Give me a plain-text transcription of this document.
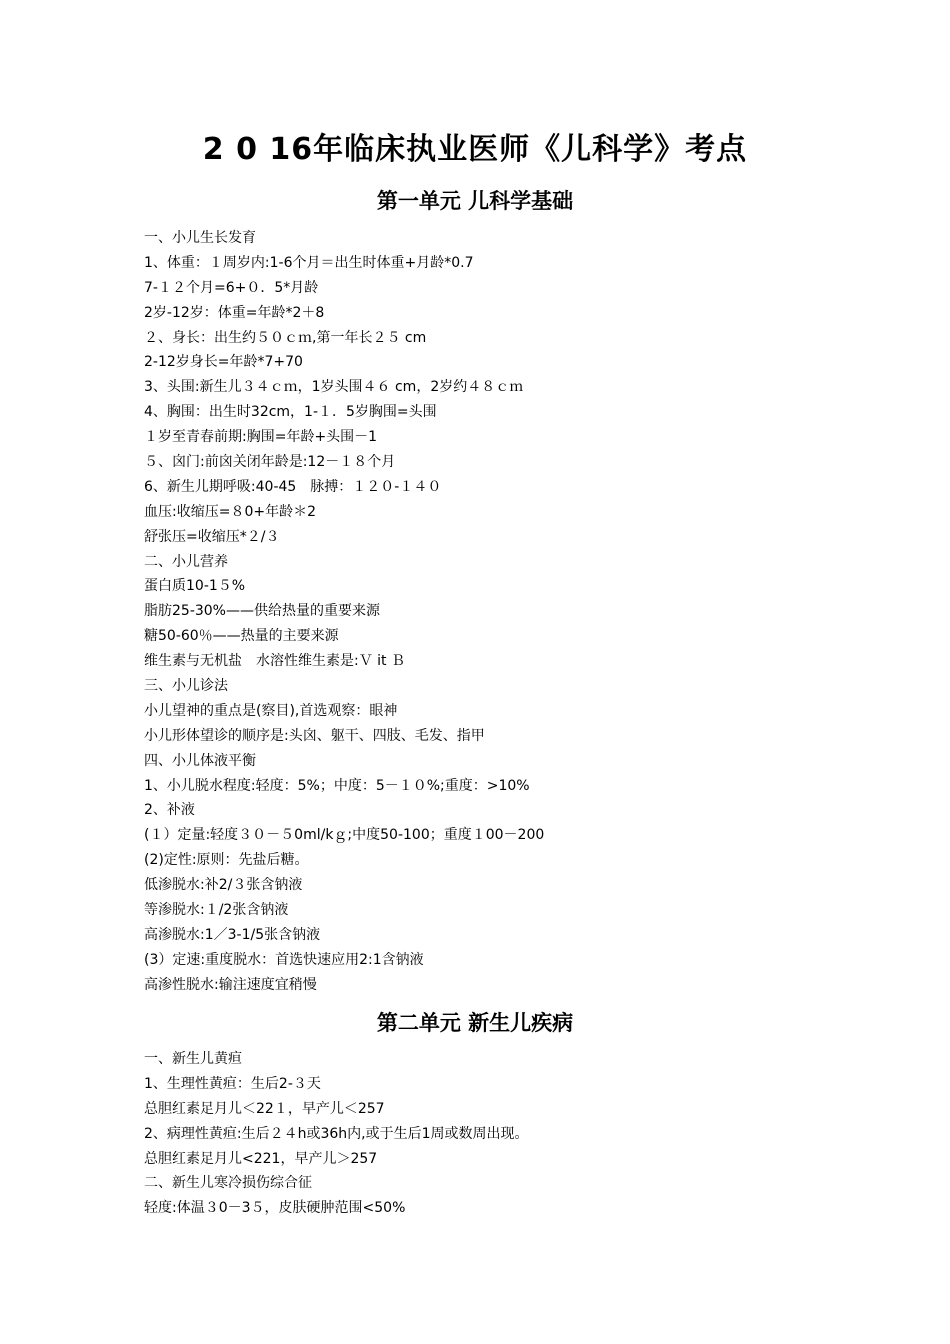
2 0 16年临床执业医师《儿科学》考点
第一单元 儿科学基础
一、小儿生长发育
1、体重：１周岁内:1-6个月＝出生时体重+月龄*0.7
7-１２个月=6+０．5*月龄
2岁-12岁：体重=年龄*2＋8
２、身长：出生约５０ｃｍ,第一年长２５ cm
2-12岁身长=年龄*7+70
3、头围:新生儿３４ｃｍ，1岁头围４６ cm，2岁约４８ｃｍ
4、胸围：出生时32cm，1-１．5岁胸围=头围
１岁至青春前期:胸围=年龄+头围－1
５、囟门:前囟关闭年龄是:12－１８个月
6、新生儿期呼吸:40-45　脉搏：１２０-１４０
血压:收缩压=８0+年龄＊2
舒张压=收缩压*２/３
二、小儿营养
蛋白质10-1５%
脂肪25-30%——供给热量的重要来源
糖50-60％——热量的主要来源
维生素与无机盐　水溶性维生素是:Ｖ it Ｂ
三、小儿诊法
小儿望神的重点是(察目),首选观察：眼神
小儿形体望诊的顺序是:头囟、躯干、四肢、毛发、指甲
四、小儿体液平衡
1、小儿脱水程度:轻度：5%；中度：5－１０%;重度：>10%
2、补液
(１）定量:轻度３０－５0ml/kｇ;中度50-100；重度１00－200
(2)定性:原则：先盐后糖。
低渗脱水:补2/３张含钠液
等渗脱水:１/2张含钠液
高渗脱水:1／3-1/5张含钠液
(3）定速:重度脱水：首选快速应用2:1含钠液
高渗性脱水:输注速度宜稍慢
第二单元 新生儿疾病
一、新生儿黄疸
1、生理性黄疸：生后2-３天
总胆红素足月儿＜22１，早产儿＜257
2、病理性黄疸:生后２４h或36h内,或于生后1周或数周出现。
总胆红素足月儿<221，早产儿＞257
二、新生儿寒冷损伤综合征
轻度:体温３0－3５，皮肤硬肿范围<50%
